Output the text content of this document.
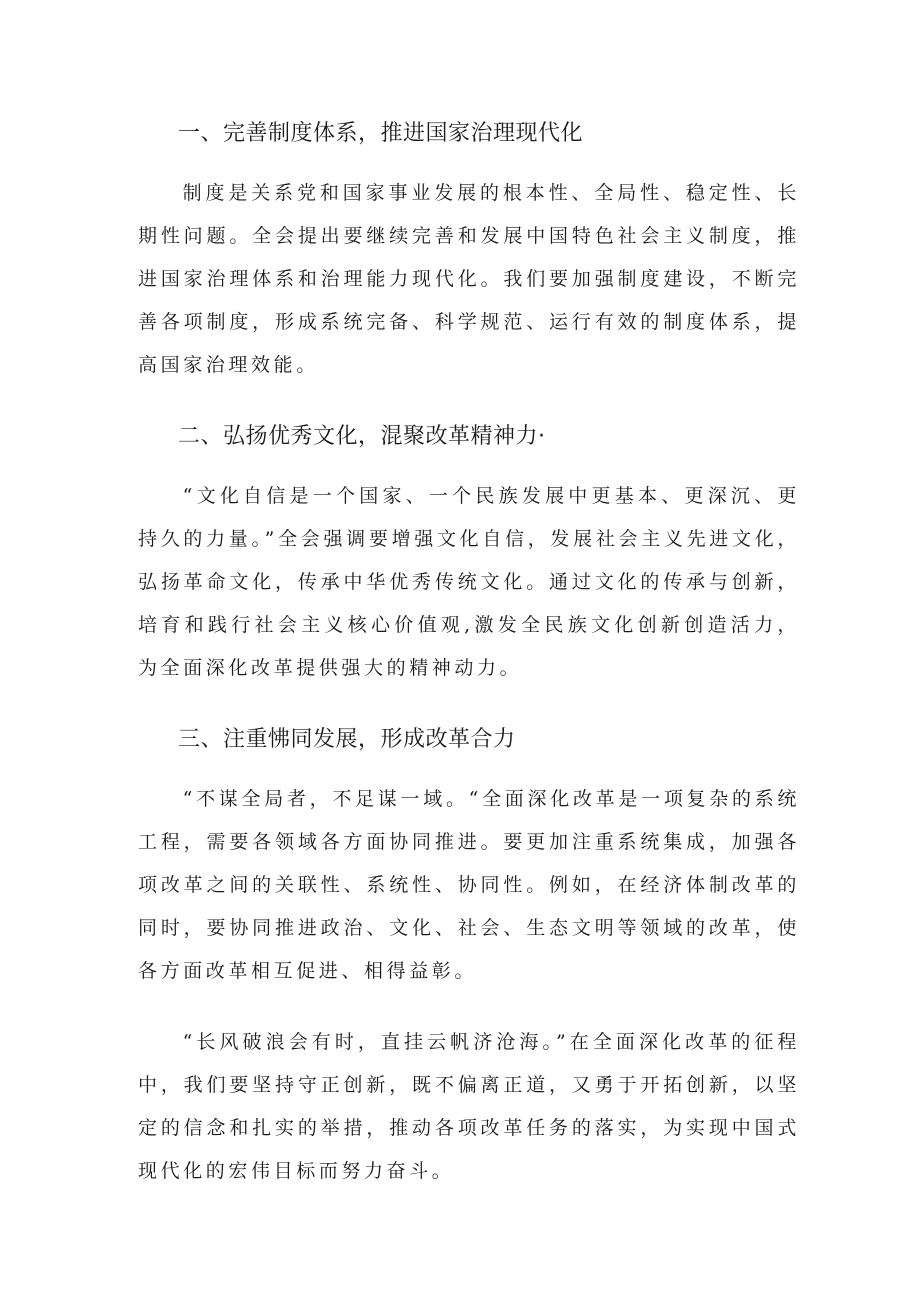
一、完善制度体系，推进国家治理现代化

制度是关系党和国家事业发展的根本性、全局性、稳定性、长期性问题。全会提出要继续完善和发展中国特色社会主义制度，推进国家治理体系和治理能力现代化。我们要加强制度建设，不断完善各项制度，形成系统完备、科学规范、运行有效的制度体系，提高国家治理效能。

二、弘扬优秀文化，混聚改革精神力·

“文化自信是一个国家、一个民族发展中更基本、更深沉、更持久的力量。”全会强调要增强文化自信，发展社会主义先进文化，弘扬革命文化，传承中华优秀传统文化。通过文化的传承与创新，培育和践行社会主义核心价值观,激发全民族文化创新创造活力，为全面深化改革提供强大的精神动力。

三、注重怫同发展，形成改革合力

“不谋全局者，不足谋一域。“全面深化改革是一项复杂的系统工程，需要各领域各方面协同推进。要更加注重系统集成，加强各项改革之间的关联性、系统性、协同性。例如，在经济体制改革的同时，要协同推进政治、文化、社会、生态文明等领域的改革，使各方面改革相互促进、相得益彰。

“长风破浪会有时，直挂云帆济沧海。”在全面深化改革的征程中，我们要坚持守正创新，既不偏离正道，又勇于开拓创新，以坚定的信念和扎实的举措，推动各项改革任务的落实，为实现中国式现代化的宏伟目标而努力奋斗。
